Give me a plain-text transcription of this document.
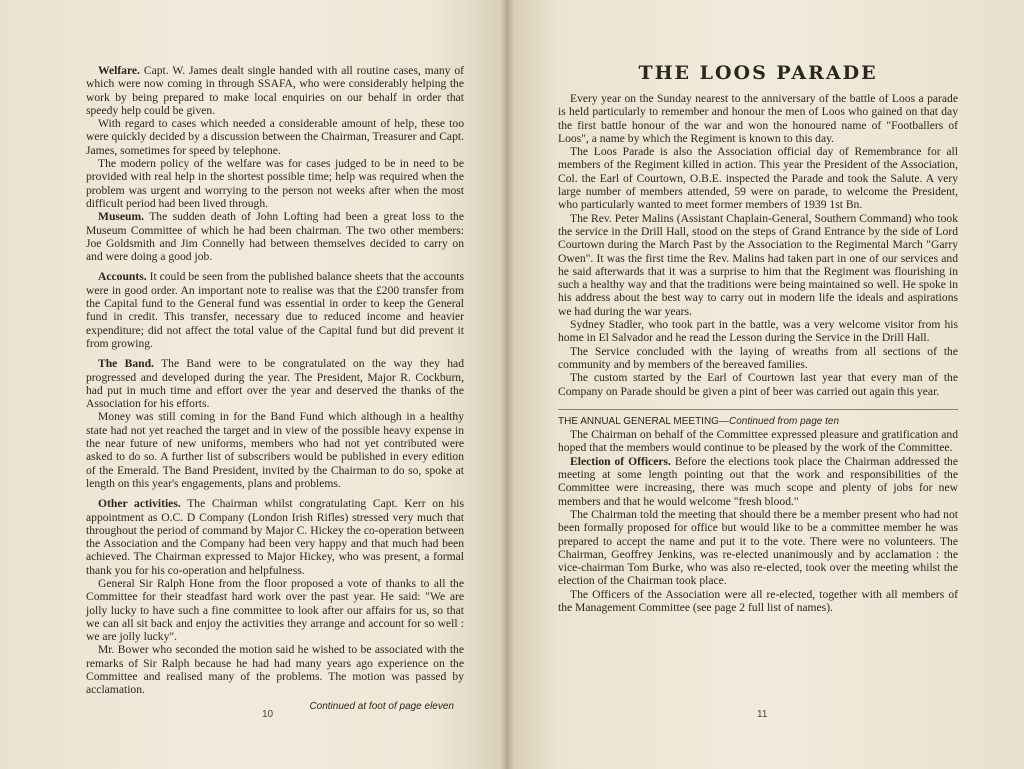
Welfare. Capt. W. James dealt single handed with all routine cases, many of which were now coming in through SSAFA, who were considerably helping the work by being prepared to make local enquiries on our behalf in order that speedy help could be given.

With regard to cases which needed a considerable amount of help, these too were quickly decided by a discussion between the Chairman, Treasurer and Capt. James, sometimes for speed by telephone.

The modern policy of the welfare was for cases judged to be in need to be provided with real help in the shortest possible time; help was required when the problem was urgent and worrying to the person not weeks after when the most difficult period had been lived through.

Museum. The sudden death of John Lofting had been a great loss to the Museum Committee of which he had been chairman. The two other members: Joe Goldsmith and Jim Connelly had between themselves decided to carry on and were doing a good job.

Accounts. It could be seen from the published balance sheets that the accounts were in good order. An important note to realise was that the £200 transfer from the Capital fund to the General fund was essential in order to keep the General fund in credit. This transfer, necessary due to reduced income and heavier expenditure; did not affect the total value of the Capital fund but did prevent it from growing.

The Band. The Band were to be congratulated on the way they had progressed and developed during the year. The President, Major R. Cockburn, had put in much time and effort over the year and deserved the thanks of the Association for his efforts.

Money was still coming in for the Band Fund which although in a healthy state had not yet reached the target and in view of the possible heavy expense in the near future of new uniforms, members who had not yet contributed were asked to do so. A further list of subscribers would be published in every edition of the Emerald. The Band President, invited by the Chairman to do so, spoke at length on this year's engagements, plans and problems.

Other activities. The Chairman whilst congratulating Capt. Kerr on his appointment as O.C. D Company (London Irish Rifles) stressed very much that throughout the period of command by Major C. Hickey the co-operation between the Association and the Company had been very happy and that much had been achieved. The Chairman expressed to Major Hickey, who was present, a formal thank you for his co-operation and helpfulness.

General Sir Ralph Hone from the floor proposed a vote of thanks to all the Committee for their steadfast hard work over the past year. He said: "We are jolly lucky to have such a fine committee to look after our affairs for us, so that we can all sit back and enjoy the activities they arrange and account for so well : we are jolly lucky".

Mr. Bower who seconded the motion said he wished to be associated with the remarks of Sir Ralph because he had had many years ago experience on the Committee and realised many of the problems. The motion was passed by acclamation.

Continued at foot of page eleven
10
THE LOOS PARADE

Every year on the Sunday nearest to the anniversary of the battle of Loos a parade is held particularly to remember and honour the men of Loos who gained on that day the first battle honour of the war and won the honoured name of "Footballers of Loos", a name by which the Regiment is known to this day.

The Loos Parade is also the Association official day of Remembrance for all members of the Regiment killed in action. This year the President of the Association, Col. the Earl of Courtown, O.B.E. inspected the Parade and took the Salute. A very large number of members attended, 59 were on parade, to welcome the President, who particularly wanted to meet former members of 1939 1st Bn.

The Rev. Peter Malins (Assistant Chaplain-General, Southern Command) who took the service in the Drill Hall, stood on the steps of Grand Entrance by the side of Lord Courtown during the March Past by the Association to the Regimental March "Garry Owen". It was the first time the Rev. Malins had taken part in one of our services and he said afterwards that it was a surprise to him that the Regiment was flourishing in such a healthy way and that the traditions were being maintained so well. He spoke in his address about the best way to carry out in modern life the ideals and aspirations we had during the war years.

Sydney Stadler, who took part in the battle, was a very welcome visitor from his home in El Salvador and he read the Lesson during the Service in the Drill Hall.

The Service concluded with the laying of wreaths from all sections of the community and by members of the bereaved families.

The custom started by the Earl of Courtown last year that every man of the Company on Parade should be given a pint of beer was carried out again this year.

THE ANNUAL GENERAL MEETING—Continued from page ten

The Chairman on behalf of the Committee expressed pleasure and gratification and hoped that the members would continue to be pleased by the work of the Committee.

Election of Officers. Before the elections took place the Chairman addressed the meeting at some length pointing out that the work and responsibilities of the Committee were increasing, there was much scope and plenty of jobs for new members and that he would welcome "fresh blood."

The Chairman told the meeting that should there be a member present who had not been formally proposed for office but would like to be a committee member he was prepared to accept the name and put it to the vote. There were no volunteers. The Chairman, Geoffrey Jenkins, was re-elected unanimously and by acclamation : the vice-chairman Tom Burke, who was also re-elected, took over the meeting whilst the election of the Chairman took place.

The Officers of the Association were all re-elected, together with all members of the Management Committee (see page 2 full list of names).

11
